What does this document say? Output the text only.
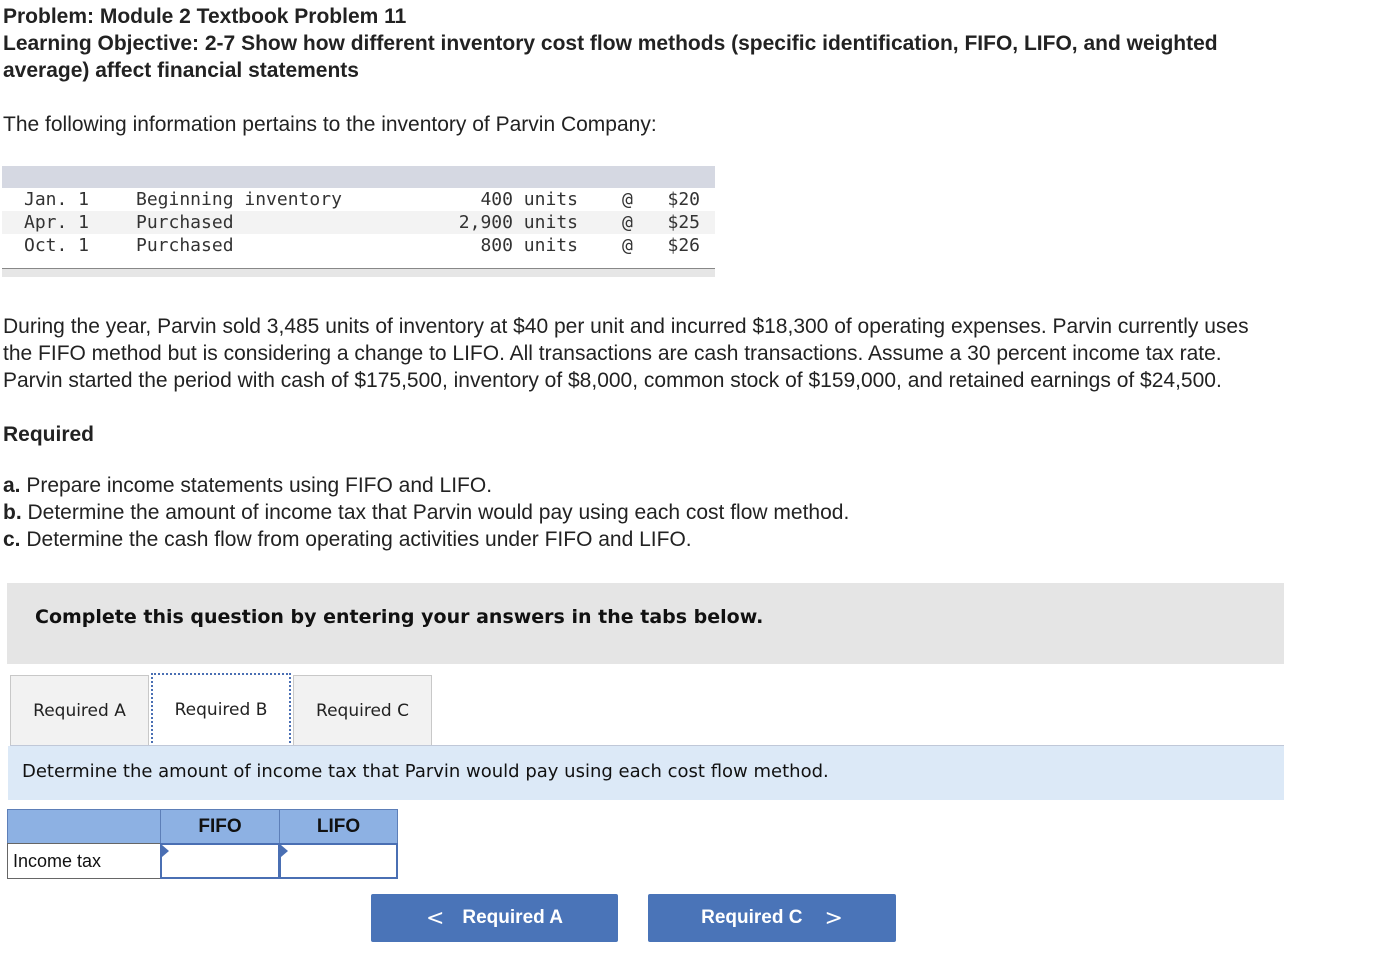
Problem: Module 2 Textbook Problem 11
Learning Objective: 2-7 Show how different inventory cost flow methods (specific identification, FIFO, LIFO, and weighted
average) affect financial statements
The following information pertains to the inventory of Parvin Company:
Jan. 1	Beginning inventory	400 units @	$20
Apr. 1	Purchased	2,900 units @	$25
Oct. 1	Purchased	800 units @	$26
During the year, Parvin sold 3,485 units of inventory at $40 per unit and incurred $18,300 of operating expenses. Parvin currently uses
the FIFO method but is considering a change to LIFO. All transactions are cash transactions. Assume a 30 percent income tax rate.
Parvin started the period with cash of $175,500, inventory of $8,000, common stock of $159,000, and retained earnings of $24,500.
Required
a. Prepare income statements using FIFO and LIFO.
b. Determine the amount of income tax that Parvin would pay using each cost flow method.
c. Determine the cash flow from operating activities under FIFO and LIFO.
Complete this question by entering your answers in the tabs below.
Required A	Required B	Required C
Determine the amount of income tax that Parvin would pay using each cost flow method.
FIFO	LIFO
Income tax
< Required A	Required C >
